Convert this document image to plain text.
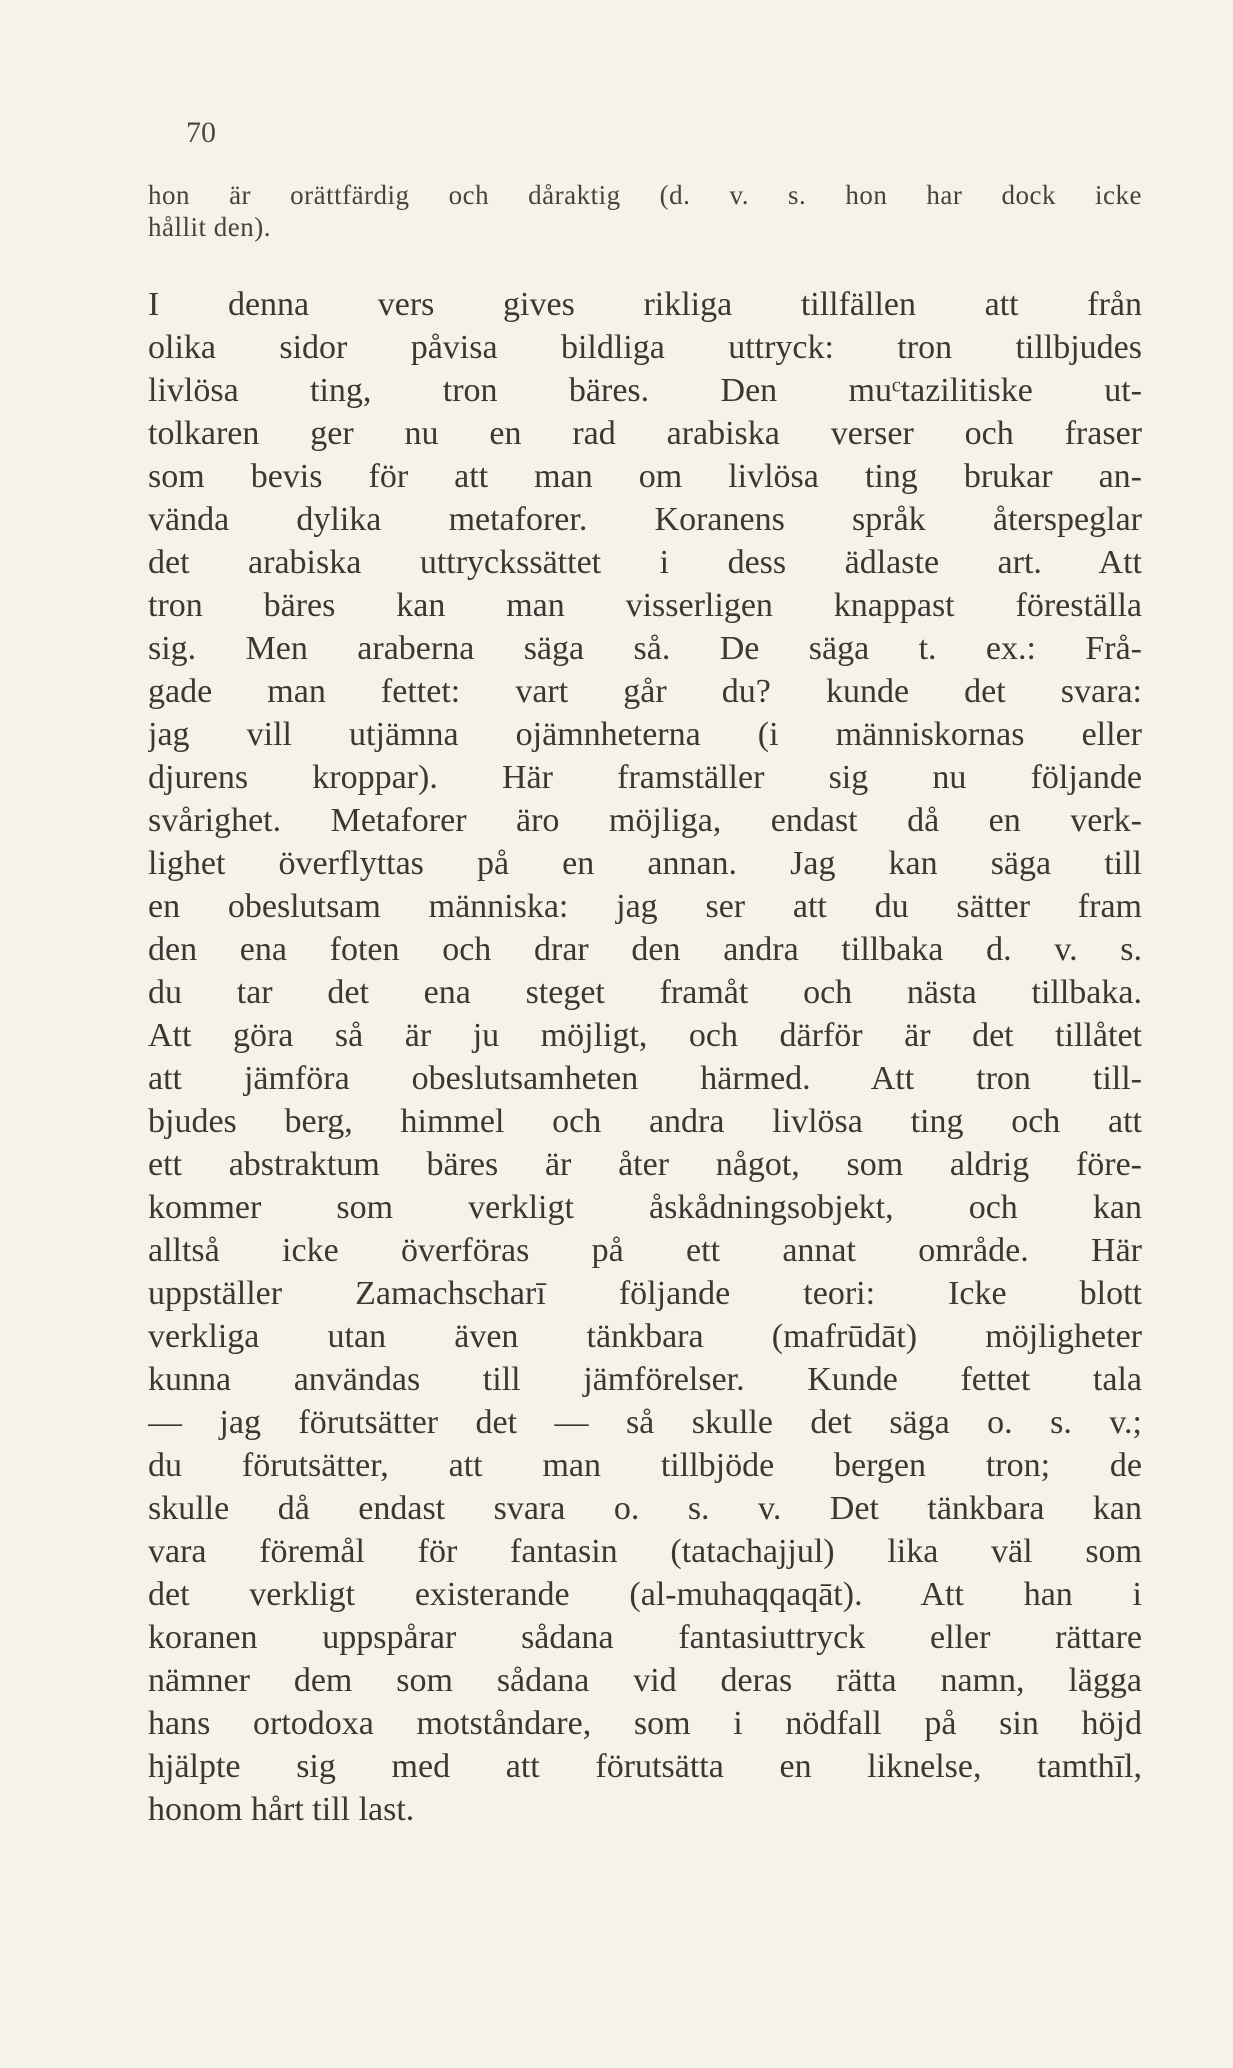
70
hon är orättfärdig och dåraktig (d. v. s. hon har dock icke
hållit den).
I denna vers gives rikliga tillfällen att från
olika sidor påvisa bildliga uttryck: tron tillbjudes
livlösa ting, tron bäres. Den muᶜtazilitiske ut-
tolkaren ger nu en rad arabiska verser och fraser
som bevis för att man om livlösa ting brukar an-
vända dylika metaforer. Koranens språk återspeglar
det arabiska uttryckssättet i dess ädlaste art. Att
tron bäres kan man visserligen knappast föreställa
sig. Men araberna säga så. De säga t. ex.: Frå-
gade man fettet: vart går du? kunde det svara:
jag vill utjämna ojämnheterna (i människornas eller
djurens kroppar). Här framställer sig nu följande
svårighet. Metaforer äro möjliga, endast då en verk-
lighet överflyttas på en annan. Jag kan säga till
en obeslutsam människa: jag ser att du sätter fram
den ena foten och drar den andra tillbaka d. v. s.
du tar det ena steget framåt och nästa tillbaka.
Att göra så är ju möjligt, och därför är det tillåtet
att jämföra obeslutsamheten härmed. Att tron till-
bjudes berg, himmel och andra livlösa ting och att
ett abstraktum bäres är åter något, som aldrig före-
kommer som verkligt åskådningsobjekt, och kan
alltså icke överföras på ett annat område. Här
uppställer Zamachscharī följande teori: Icke blott
verkliga utan även tänkbara (mafrūdāt) möjligheter
kunna användas till jämförelser. Kunde fettet tala
— jag förutsätter det — så skulle det säga o. s. v.;
du förutsätter, att man tillbjöde bergen tron; de
skulle då endast svara o. s. v. Det tänkbara kan
vara föremål för fantasin (tatachajjul) lika väl som
det verkligt existerande (al-muhaqqaqāt). Att han i
koranen uppspårar sådana fantasiuttryck eller rättare
nämner dem som sådana vid deras rätta namn, lägga
hans ortodoxa motståndare, som i nödfall på sin höjd
hjälpte sig med att förutsätta en liknelse, tamthīl,
honom hårt till last.
